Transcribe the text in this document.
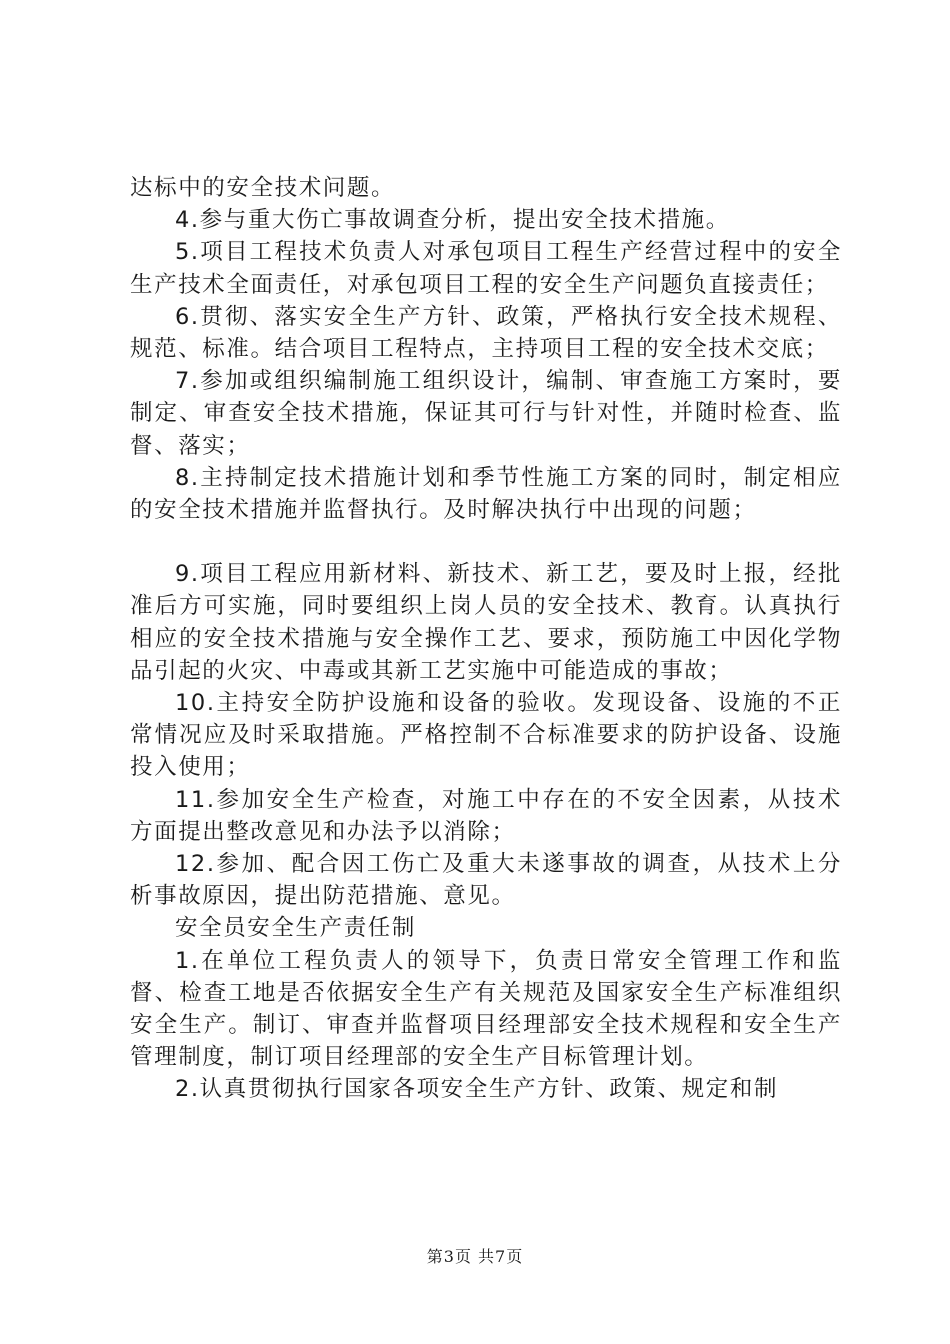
达标中的安全技术问题。

4.参与重大伤亡事故调查分析，提出安全技术措施。

5.项目工程技术负责人对承包项目工程生产经营过程中的安全生产技术全面责任，对承包项目工程的安全生产问题负直接责任；

6.贯彻、落实安全生产方针、政策，严格执行安全技术规程、规范、标准。结合项目工程特点，主持项目工程的安全技术交底；

7.参加或组织编制施工组织设计，编制、审查施工方案时，要制定、审查安全技术措施，保证其可行与针对性，并随时检查、监督、落实；

8.主持制定技术措施计划和季节性施工方案的同时，制定相应的安全技术措施并监督执行。及时解决执行中出现的问题；

9.项目工程应用新材料、新技术、新工艺，要及时上报，经批准后方可实施，同时要组织上岗人员的安全技术、教育。认真执行相应的安全技术措施与安全操作工艺、要求，预防施工中因化学物品引起的火灾、中毒或其新工艺实施中可能造成的事故；

10.主持安全防护设施和设备的验收。发现设备、设施的不正常情况应及时采取措施。严格控制不合标准要求的防护设备、设施投入使用；

11.参加安全生产检查，对施工中存在的不安全因素，从技术方面提出整改意见和办法予以消除；

12.参加、配合因工伤亡及重大未遂事故的调查，从技术上分析事故原因，提出防范措施、意见。

安全员安全生产责任制

1.在单位工程负责人的领导下，负责日常安全管理工作和监督、检查工地是否依据安全生产有关规范及国家安全生产标准组织安全生产。制订、审查并监督项目经理部安全技术规程和安全生产管理制度，制订项目经理部的安全生产目标管理计划。

2.认真贯彻执行国家各项安全生产方针、政策、规定和制

第3页 共7页
